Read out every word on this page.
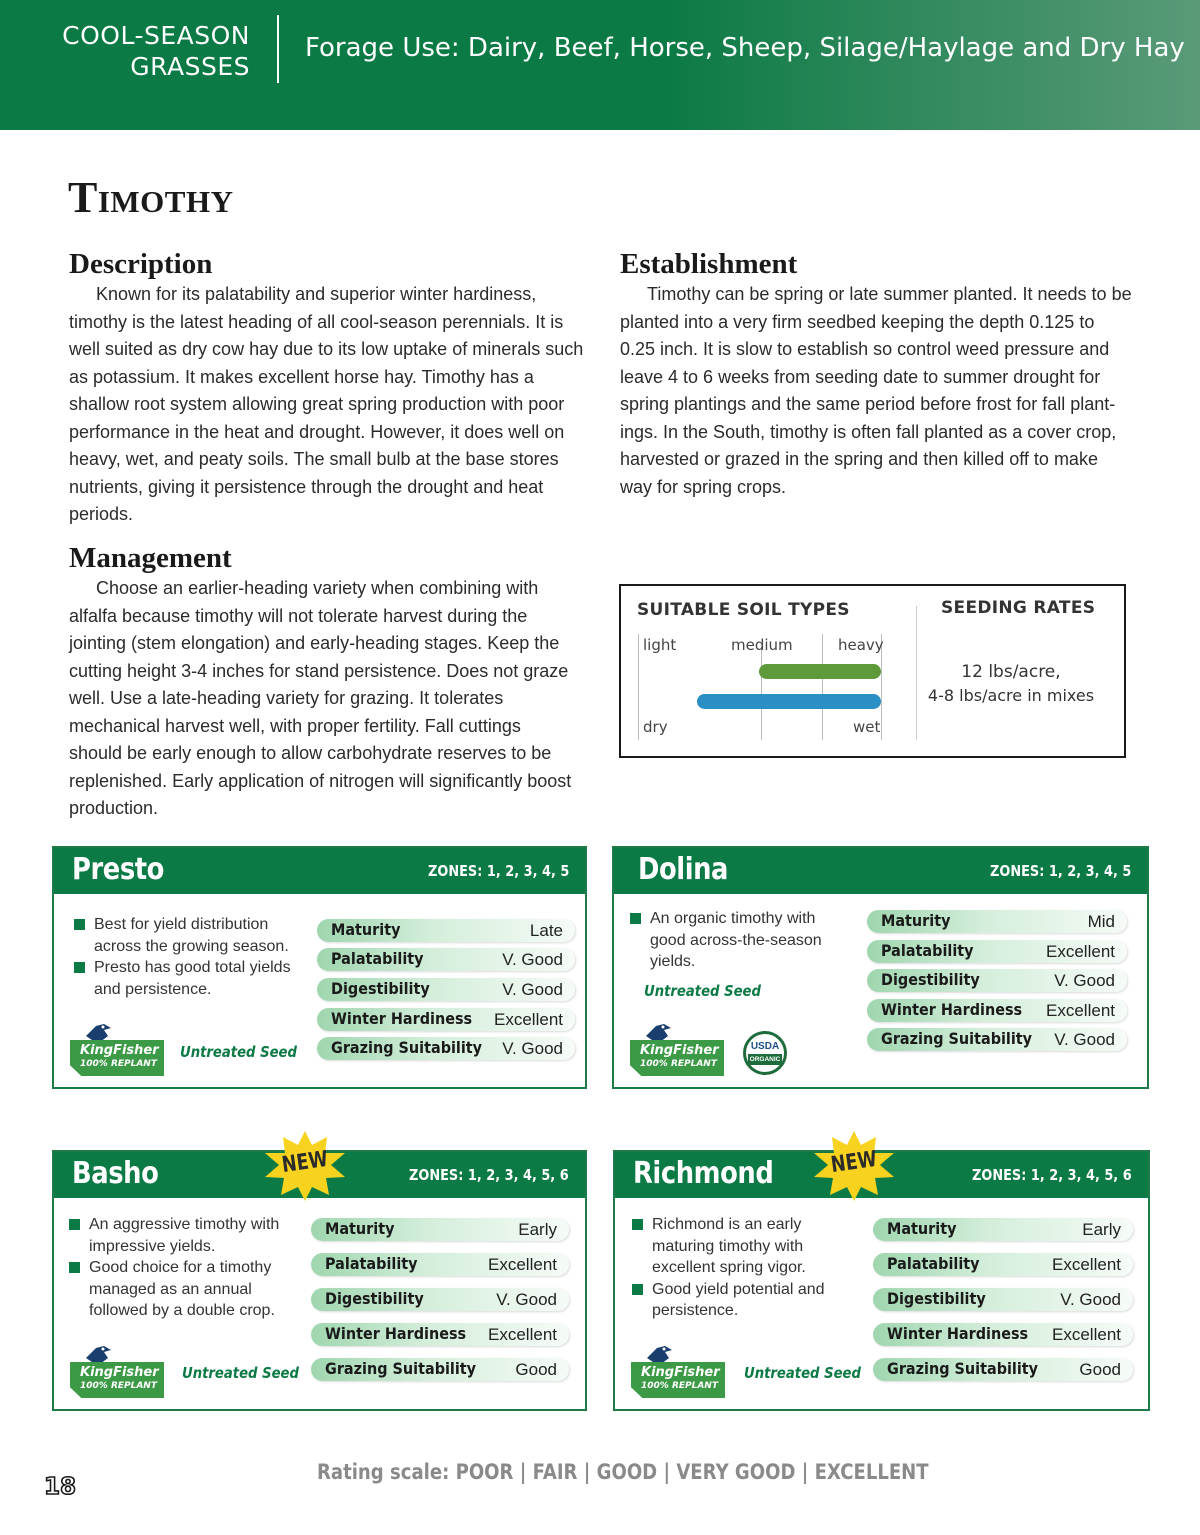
COOL-SEASON
GRASSES
Forage Use: Dairy, Beef, Horse, Sheep, Silage/Haylage and Dry Hay
Timothy
Description
Known for its palatability and superior winter hardiness, timothy is the latest heading of all cool-season perennials. It is well suited as dry cow hay due to its low uptake of minerals such as potassium. It makes excellent horse hay. Timothy has a shallow root system allowing great spring production with poor performance in the heat and drought. However, it does well on heavy, wet, and peaty soils. The small bulb at the base stores nutrients, giving it persistence through the drought and heat periods.
Establishment
Timothy can be spring or late summer planted. It needs to be planted into a very firm seedbed keeping the depth 0.125 to 0.25 inch. It is slow to establish so control weed pressure and leave 4 to 6 weeks from seeding date to summer drought for spring plantings and the same period before frost for fall plant-ings. In the South, timothy is often fall planted as a cover crop, harvested or grazed in the spring and then killed off to make way for spring crops.
Management
Choose an earlier-heading variety when combining with alfalfa because timothy will not tolerate harvest during the jointing (stem elongation) and early-heading stages. Keep the cutting height 3-4 inches for stand persistence. Does not graze well. Use a late-heading variety for grazing. It tolerates mechanical harvest well, with proper fertility. Fall cuttings should be early enough to allow carbohydrate reserves to be replenished. Early application of nitrogen will significantly boost production.
SUITABLE SOIL TYPES
light	medium	heavy
dry	wet
SEEDING RATES
12 lbs/acre,
4-8 lbs/acre in mixes
Presto	ZONES: 1, 2, 3, 4, 5
Best for yield distribution across the growing season.
Presto has good total yields and persistence.
KingFisher
100% REPLANT
Untreated Seed
Maturity	Late
Palatability	V. Good
Digestibility	V. Good
Winter Hardiness Excellent
Grazing Suitability V. Good
Dolina	ZONES: 1, 2, 3, 4, 5
An organic timothy with good across-the-season yields.
Untreated Seed
KingFisher
100% REPLANT
USDA
ORGANIC
Maturity	Mid
Palatability	Excellent
Digestibility	V. Good
Winter Hardiness Excellent
Grazing Suitability V. Good
Basho	ZONES: 1, 2, 3, 4, 5, 6
An aggressive timothy with impressive yields.
Good choice for a timothy managed as an annual followed by a double crop.
KingFisher
100% REPLANT
Untreated Seed
Maturity	Early
Palatability	Excellent
Digestibility	V. Good
Winter Hardiness Excellent
Grazing Suitability Good
NEW	Richmond	ZONES: 1, 2, 3, 4, 5, 6
Richmond is an early maturing timothy with excellent spring vigor.
Good yield potential and persistence.
KingFisher
100% REPLANT
Untreated Seed
Maturity	Early
Palatability	Excellent
Digestibility	V. Good
Winter Hardiness Excellent
Grazing Suitability Good
NEW
Rating scale: POOR | FAIR | GOOD | VERY GOOD | EXCELLENT
18
